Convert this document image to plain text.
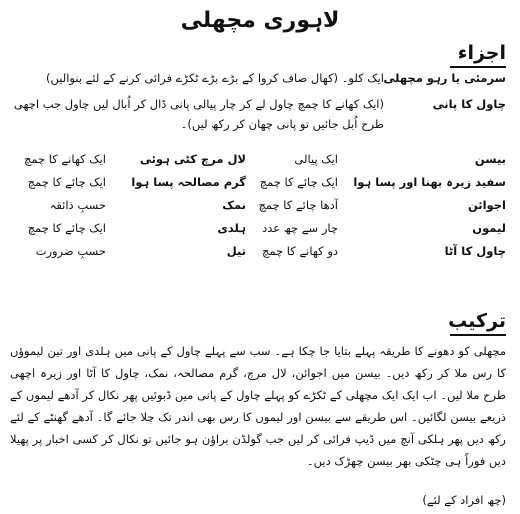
لاہوری مچھلی
اجزاء
سرمئی یا رہو مچھلی
ایک کلو۔ (کھال صاف کروا کے بڑے بڑے ٹکڑے فرائی کرنے کے لئے بنوالیں)
چاول کا پانی
(ایک کھانے کا چمچ چاول لے کر چار پیالی پانی ڈال کر اُبال لیں چاول جب اچھی طرح اُبل جائیں تو پانی چھان کر رکھ لیں)۔
بیسن
ایک پیالی
لال مرچ کٹی ہوئی
ایک کھانے کا چمچ
سفید زیرہ بھنا اور پسا ہوا
ایک چائے کا چمچ
گرم مصالحہ پسا ہوا
ایک چائے کا چمچ
اجوائن
آدھا چائے کا چمچ
نمک
حسبِ ذائقہ
لیموں
چار سے چھ عدد
ہلدی
ایک چائے کا چمچ
چاول کا آٹا
دو کھانے کا چمچ
تیل
حسبِ ضرورت
ترکیب

مچھلی کو دھونے کا طریقہ پہلے بتایا جا چکا ہے۔ سب سے پہلے چاول کے پانی میں ہلدی اور تین لیموؤں کا رس ملا کر رکھ دیں۔ بیسن میں اجوائن، لال مرچ، گرم مصالحہ، نمک، چاول کا آٹا اور زیرہ اچھی طرح ملا لیں۔ اب ایک ایک مچھلی کے ٹکڑے کو پہلے چاول کے پانی میں ڈبوئیں پھر نکال کر آدھے لیموں کے ذریعے بیسن لگائیں۔ اس طریقے سے بیسن اور لیموں کا رس بھی اندر تک چلا جائے گا۔ آدھے گھنٹے کے لئے رکھ دیں پھر ہلکی آنچ میں ڈیپ فرائی کر لیں جب گولڈن براؤن ہو جائیں تو نکال کر کسی اخبار پر پھیلا دیں فوراً ہی چٹکی بھر بیسن چھڑک دیں۔

(چھ افراد کے لئے)
